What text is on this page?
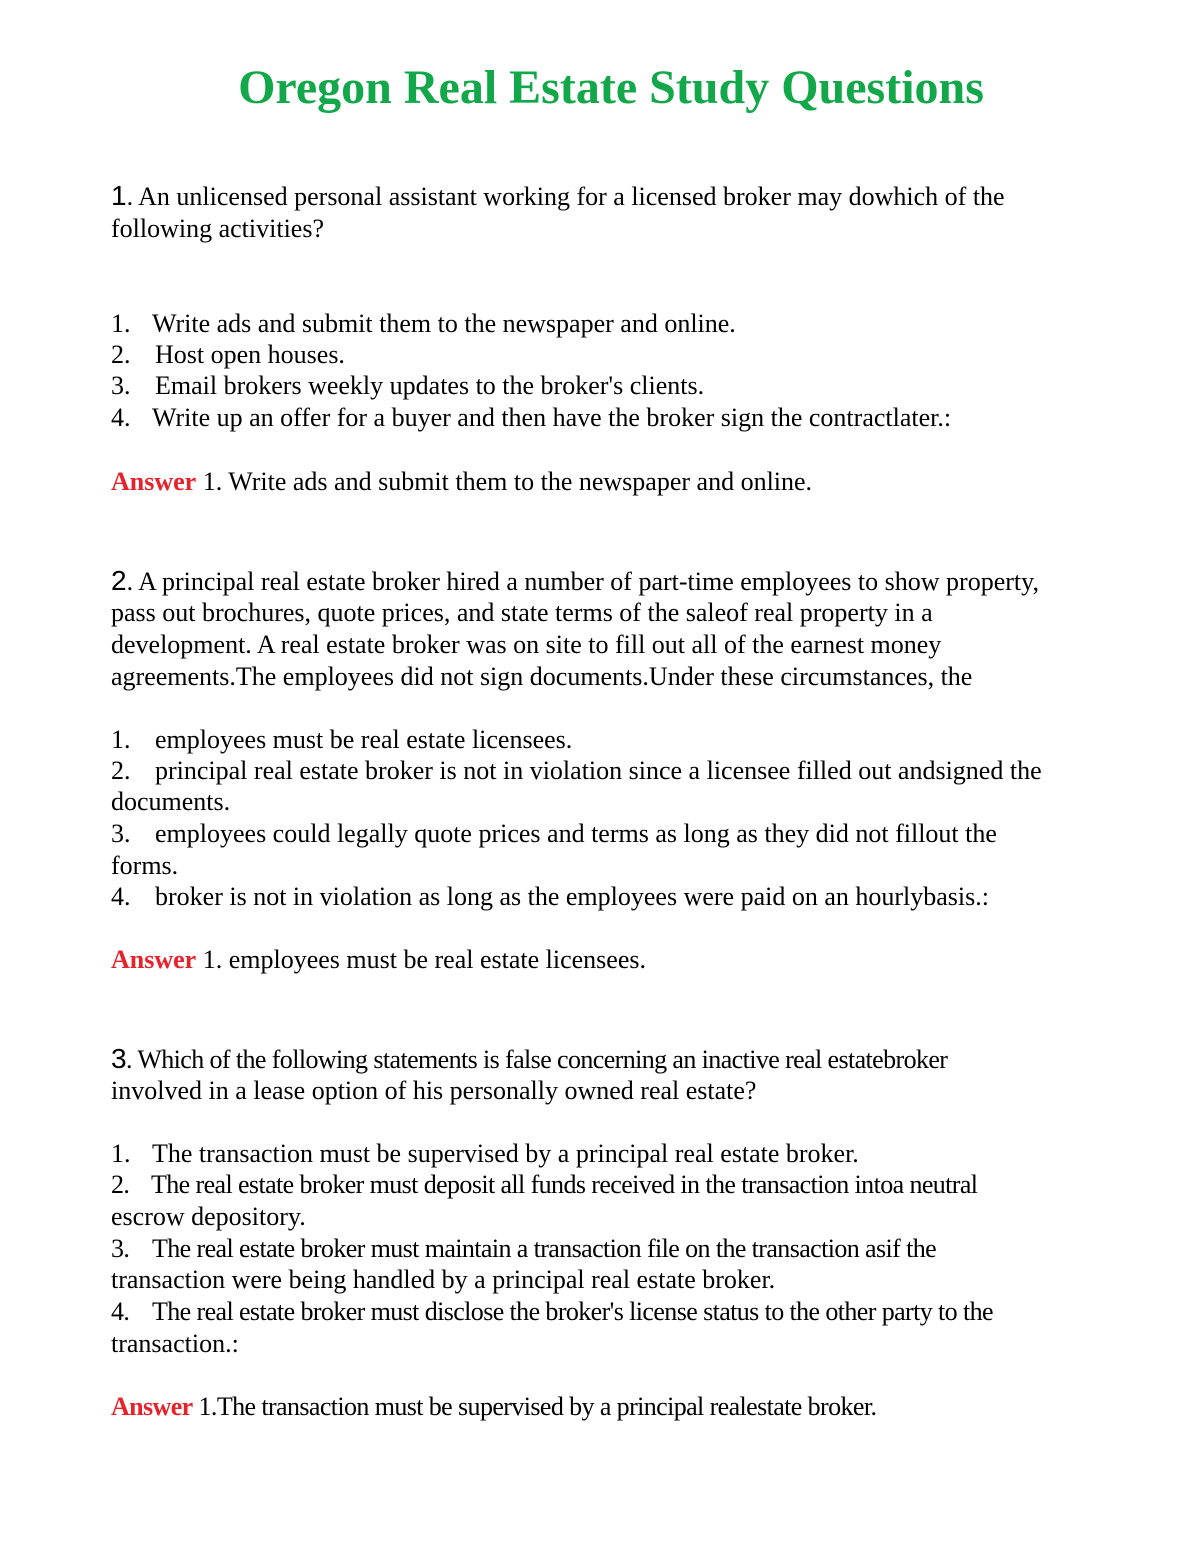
Oregon Real Estate Study Questions
1. An unlicensed personal assistant working for a licensed broker may dowhich of the
following activities?
1. Write ads and submit them to the newspaper and online.
2. Host open houses.
3. Email brokers weekly updates to the broker's clients.
4. Write up an offer for a buyer and then have the broker sign the contractlater.:
Answer 1. Write ads and submit them to the newspaper and online.
2. A principal real estate broker hired a number of part-time employees to show property,
pass out brochures, quote prices, and state terms of the saleof real property in a
development. A real estate broker was on site to fill out all of the earnest money
agreements.The employees did not sign documents.Under these circumstances, the
1. employees must be real estate licensees.
2. principal real estate broker is not in violation since a licensee filled out andsigned the
documents.
3. employees could legally quote prices and terms as long as they did not fillout the
forms.
4. broker is not in violation as long as the employees were paid on an hourlybasis.:
Answer 1. employees must be real estate licensees.
3. Which of the following statements is false concerning an inactive real estatebroker
involved in a lease option of his personally owned real estate?
1. The transaction must be supervised by a principal real estate broker.
2. The real estate broker must deposit all funds received in the transaction intoa neutral
escrow depository.
3. The real estate broker must maintain a transaction file on the transaction asif the
transaction were being handled by a principal real estate broker.
4. The real estate broker must disclose the broker's license status to the other party to the
transaction.:
Answer 1.The transaction must be supervised by a principal realestate broker.
